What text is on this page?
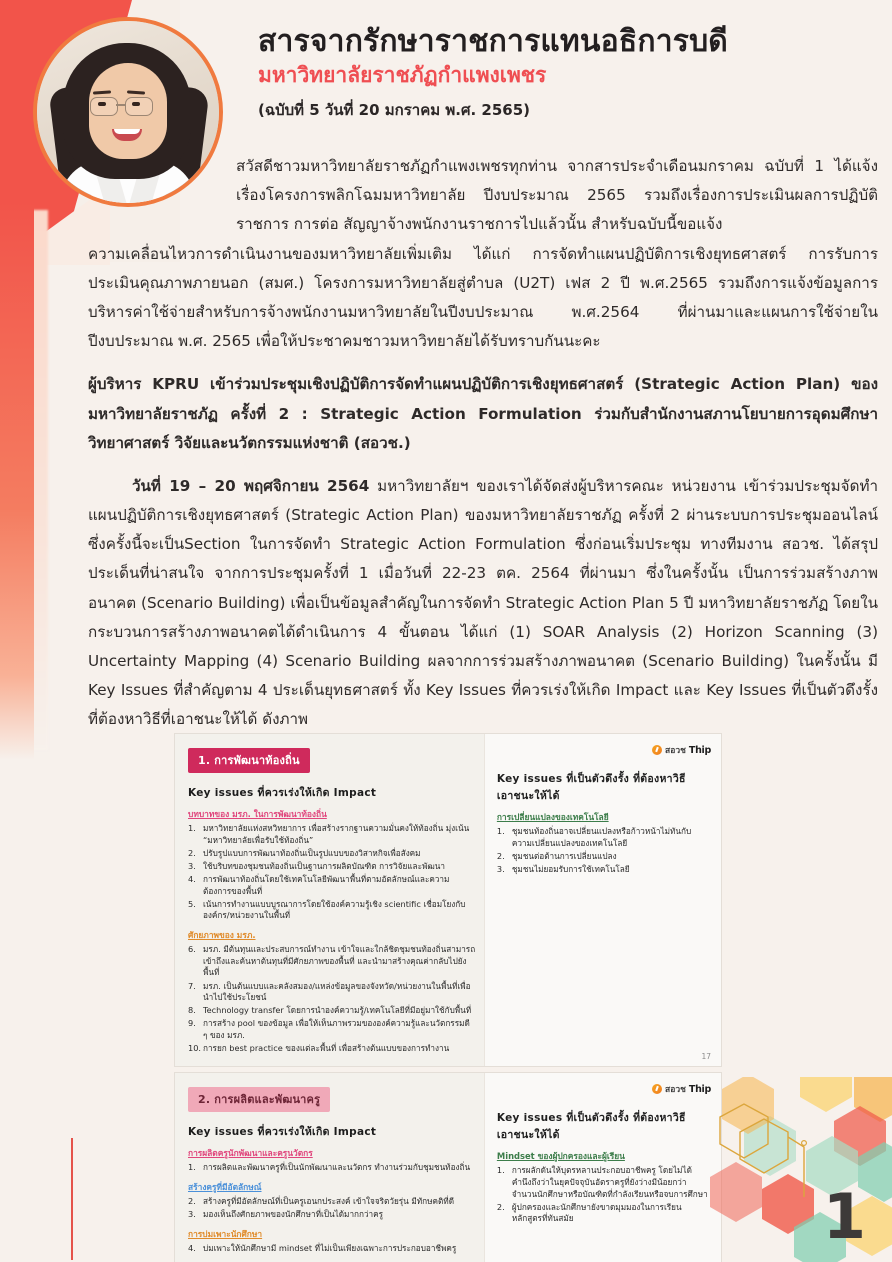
สารจากรักษาราชการแทนอธิการบดี
มหาวิทยาลัยราชภัฏกำแพงเพชร
(ฉบับที่ 5 วันที่ 20 มกราคม พ.ศ. 2565)
สวัสดีชาวมหาวิทยาลัยราชภัฏกำแพงเพชรทุกท่าน จากสารประจำเดือนมกราคม ฉบับที่ 1 ได้แจ้งเรื่องโครงการพลิกโฉมมหาวิทยาลัย ปีงบประมาณ 2565 รวมถึงเรื่องการประเมินผลการปฏิบัติราชการ การต่อ สัญญาจ้างพนักงานราชการไปแล้วนั้น สำหรับฉบับนี้ขอแจ้ง
ความเคลื่อนไหวการดำเนินงานของมหาวิทยาลัยเพิ่มเติม ได้แก่ การจัดทำแผนปฏิบัติการเชิงยุทธศาสตร์ การรับการประเมินคุณภาพภายนอก (สมศ.) โครงการมหาวิทยาลัยสู่ตำบล (U2T) เฟส 2 ปี พ.ศ.2565 รวมถึงการแจ้งข้อมูลการบริหารค่าใช้จ่ายสำหรับการจ้างพนักงานมหาวิทยาลัยในปีงบประมาณ พ.ศ.2564 ที่ผ่านมาและแผนการใช้จ่ายในปีงบประมาณ พ.ศ. 2565 เพื่อให้ประชาคมชาวมหาวิทยาลัยได้รับทราบกันนะคะ
ผู้บริหาร KPRU เข้าร่วมประชุมเชิงปฏิบัติการจัดทำแผนปฏิบัติการเชิงยุทธศาสตร์ (Strategic Action Plan) ของมหาวิทยาลัยราชภัฏ ครั้งที่ 2 : Strategic Action Formulation ร่วมกับสำนักงานสภานโยบายการอุดมศึกษา วิทยาศาสตร์ วิจัยและนวัตกรรมแห่งชาติ (สอวช.)
วันที่ 19 – 20 พฤศจิกายน 2564 มหาวิทยาลัยฯ ของเราได้จัดส่งผู้บริหารคณะ หน่วยงาน เข้าร่วมประชุมจัดทำแผนปฏิบัติการเชิงยุทธศาสตร์ (Strategic Action Plan) ของมหาวิทยาลัยราชภัฏ ครั้งที่ 2 ผ่านระบบการประชุมออนไลน์ ซึ่งครั้งนี้จะเป็นSection ในการจัดทำ Strategic Action Formulation ซึ่งก่อนเริ่มประชุม ทางทีมงาน สอวช. ได้สรุปประเด็นที่น่าสนใจ จากการประชุมครั้งที่ 1 เมื่อวันที่ 22-23 ตค. 2564 ที่ผ่านมา ซึ่งในครั้งนั้น เป็นการร่วมสร้างภาพอนาคต (Scenario Building) เพื่อเป็นข้อมูลสำคัญในการจัดทำ Strategic Action Plan 5 ปี มหาวิทยาลัยราชภัฏ โดยในกระบวนการสร้างภาพอนาคตได้ดำเนินการ 4 ขั้นตอน ได้แก่ (1) SOAR Analysis (2) Horizon Scanning (3) Uncertainty Mapping (4) Scenario Building ผลจากการร่วมสร้างภาพอนาคต (Scenario Building) ในครั้งนั้น มี Key Issues ที่สำคัญตาม 4 ประเด็นยุทธศาสตร์ ทั้ง Key Issues ที่ควรเร่งให้เกิด Impact และ Key Issues ที่เป็นตัวดึงรั้งที่ต้องหาวิธีที่เอาชนะให้ได้ ดังภาพ
1. การพัฒนาท้องถิ่น
Key issues ที่ควรเร่งให้เกิด Impact
บทบาทของ มรภ. ในการพัฒนาท้องถิ่น
1. มหาวิทยาลัยแห่งสหวิทยาการ เพื่อสร้างรากฐานความมั่นคงให้ท้องถิ่น มุ่งเน้น “มหาวิทยาลัยเพื่อรับใช้ท้องถิ่น”
2. ปรับรูปแบบการพัฒนาท้องถิ่นเป็นรูปแบบของวิสาหกิจเพื่อสังคม
3. ใช้บริบทของชุมชนท้องถิ่นเป็นฐานการผลิตบัณฑิต การวิจัยและพัฒนา
4. การพัฒนาท้องถิ่นโดยใช้เทคโนโลยีพัฒนาพื้นที่ตามอัตลักษณ์และความต้องการของพื้นที่
5. เน้นการทำงานแบบบูรณาการโดยใช้องค์ความรู้เชิง scientific เชื่อมโยงกับองค์กร/หน่วยงานในพื้นที่
ศักยภาพของ มรภ.
6. มรภ. มีต้นทุนและประสบการณ์ทำงาน เข้าใจและใกล้ชิดชุมชนท้องถิ่นสามารถเข้าถึงและค้นหาต้นทุนที่มีศักยภาพของพื้นที่ และนำมาสร้างคุณค่ากลับไปยังพื้นที่
7. มรภ. เป็นต้นแบบและคลังสมอง/แหล่งข้อมูลของจังหวัด/หน่วยงานในพื้นที่เพื่อนำไปใช้ประโยชน์
8. Technology transfer โดยการนำองค์ความรู้/เทคโนโลยีที่มีอยู่มาใช้กับพื้นที่
9. การสร้าง pool ของข้อมูล เพื่อให้เห็นภาพรวมขององค์ความรู้และนวัตกรรมดี ๆ ของ มรภ.
10. การยก best practice ของแต่ละพื้นที่ เพื่อสร้างต้นแบบของการทำงาน
สอวช Thip
Key issues ที่เป็นตัวดึงรั้ง ที่ต้องหาวิธีเอาชนะให้ได้
การเปลี่ยนแปลงของเทคโนโลยี
1. ชุมชนท้องถิ่นอาจเปลี่ยนแปลงหรือก้าวหน้าไม่ทันกับความเปลี่ยนแปลงของเทคโนโลยี
2. ชุมชนต่อต้านการเปลี่ยนแปลง
3. ชุมชนไม่ยอมรับการใช้เทคโนโลยี
17
2. การผลิตและพัฒนาครู
Key issues ที่ควรเร่งให้เกิด Impact
การผลิตครูนักพัฒนาและครูนวัตกร
1. การผลิตและพัฒนาครูที่เป็นนักพัฒนาและนวัตกร ทำงานร่วมกับชุมชนท้องถิ่น
สร้างครูที่มีอัตลักษณ์
2. สร้างครูที่มีอัตลักษณ์ที่เป็นครูเอนกประสงค์ เข้าใจจริตวัยรุ่น มีทักษคติที่ดี
3. มองเห็นถึงศักยภาพของนักศึกษาที่เป็นได้มากกว่าครู
การบ่มเพาะนักศึกษา
4. บ่มเพาะให้นักศึกษามี mindset ที่ไม่เป็นเพียงเฉพาะการประกอบอาชีพครู
สอวช Thip
Key issues ที่เป็นตัวดึงรั้ง ที่ต้องหาวิธีเอาชนะให้ได้
Mindset ของผู้ปกครองและผู้เรียน
1. การผลักดันให้บุตรหลานประกอบอาชีพครู โดยไม่ได้คำนึงถึงว่าในยุคปัจจุบันอัตราครูที่ยังว่างมีน้อยกว่าจำนวนนักศึกษาหรือบัณฑิตที่กำลังเรียนหรือจบการศึกษา
2. ผู้ปกครองและนักศึกษายังขาดมุมมองในการเรียนหลักสูตรที่ทันสมัย	1
